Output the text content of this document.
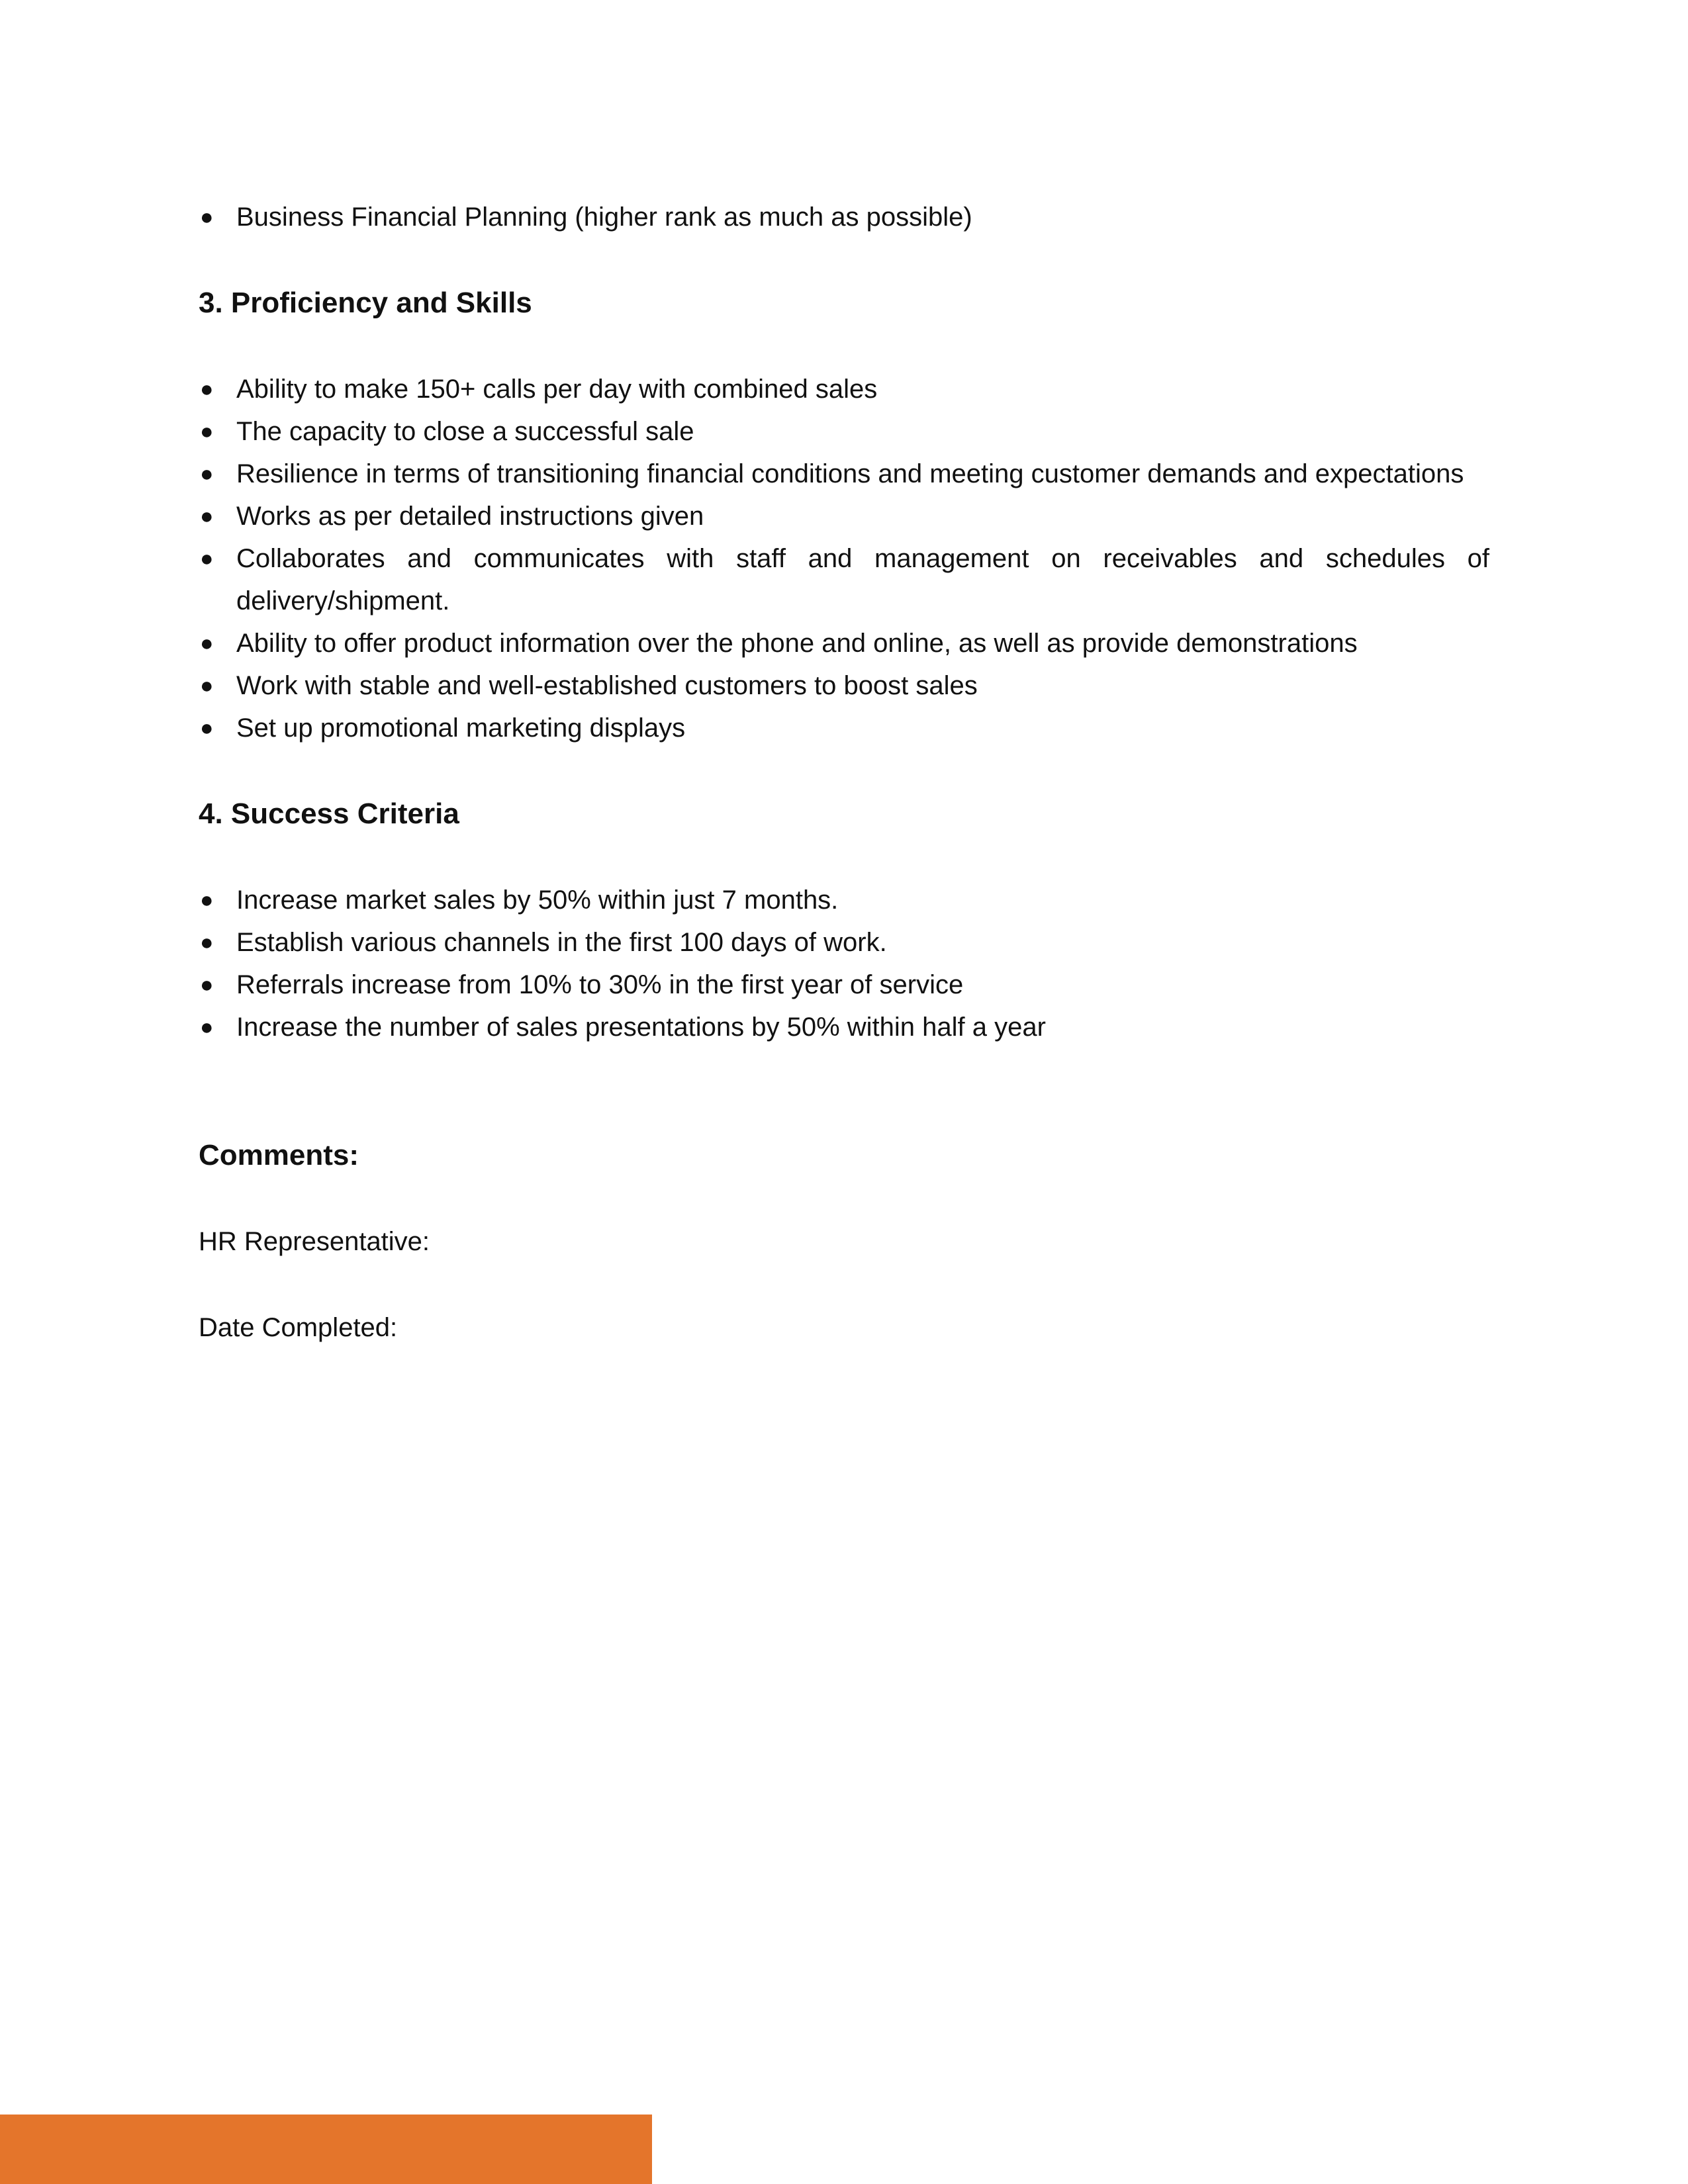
● Business Financial Planning (higher rank as much as possible)
3. Proficiency and Skills
● Ability to make 150+ calls per day with combined sales
● The capacity to close a successful sale
● Resilience in terms of transitioning financial conditions and meeting customer demands and expectations
● Works as per detailed instructions given
● Collaborates and communicates with staff and management on receivables and schedules of delivery/shipment.
● Ability to offer product information over the phone and online, as well as provide demonstrations
● Work with stable and well-established customers to boost sales
● Set up promotional marketing displays
4. Success Criteria
● Increase market sales by 50% within just 7 months.
● Establish various channels in the first 100 days of work.
● Referrals increase from 10% to 30% in the first year of service
● Increase the number of sales presentations by 50% within half a year
Comments:

HR Representative:

Date Completed:
